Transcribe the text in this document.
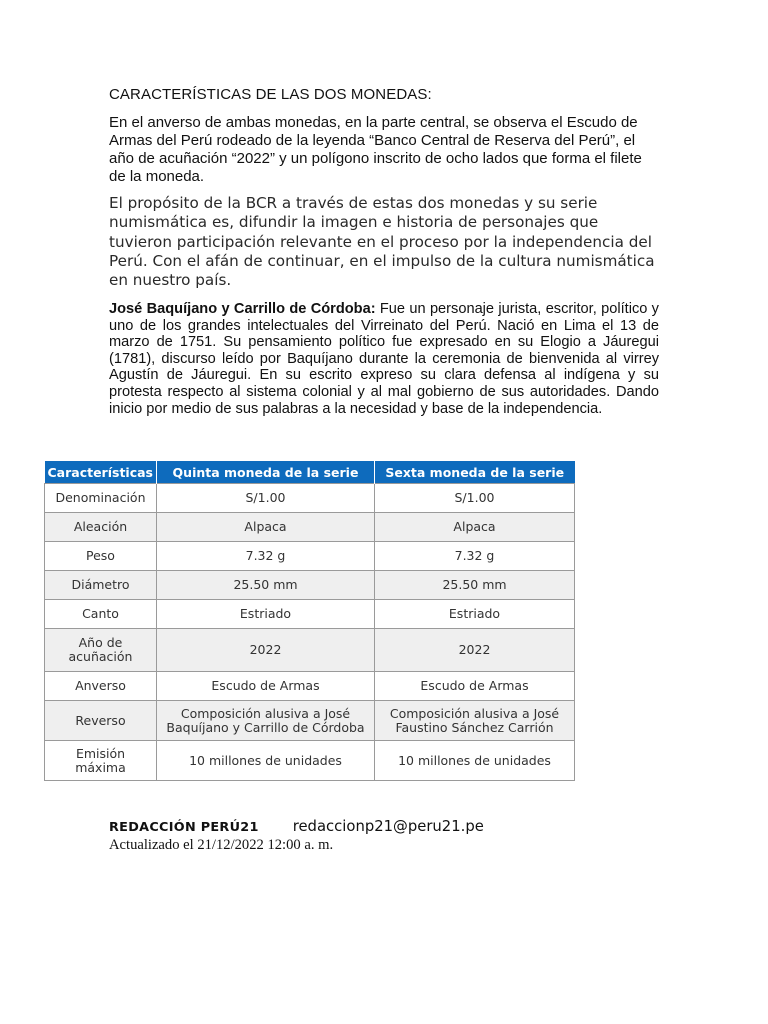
CARACTERÍSTICAS DE LAS DOS MONEDAS:
En el anverso de ambas monedas, en la parte central, se observa el Escudo de Armas del Perú rodeado de la leyenda “Banco Central de Reserva del Perú”, el año de acuñación “2022” y un polígono inscrito de ocho lados que forma el filete de la moneda.
El propósito de la BCR a través de estas dos monedas y su serie numismática es, difundir la imagen e historia de personajes que tuvieron participación relevante en el proceso por la independencia del Perú. Con el afán de continuar, en el impulso de la cultura numismática en nuestro país.
José Baquíjano y Carrillo de Córdoba: Fue un personaje jurista, escritor, político y uno de los grandes intelectuales del Virreinato del Perú. Nació en Lima el 13 de marzo de 1751. Su pensamiento político fue expresado en su Elogio a Jáuregui (1781), discurso leído por Baquíjano durante la ceremonia de bienvenida al virrey Agustín de Jáuregui. En su escrito expreso su clara defensa al indígena y su protesta respecto al sistema colonial y al mal gobierno de sus autoridades. Dando inicio por medio de sus palabras a la necesidad y base de la independencia.
REDACCIÓN PERÚ21 redaccionp21@peru21.pe
Actualizado el 21/12/2022 12:00 a. m.
Características	Quinta moneda de la serie	Sexta moneda de la serie
Denominación	S/1.00	S/1.00
Aleación	Alpaca	Alpaca
Peso	7.32 g	7.32 g
Diámetro	25.50 mm	25.50 mm
Canto	Estriado	Estriado
Año de acuñación	2022	2022
Anverso	Escudo de Armas	Escudo de Armas
Reverso	Composición alusiva a José Baquíjano y Carrillo de Córdoba	Composición alusiva a José Faustino Sánchez Carrión
Emisión máxima	10 millones de unidades	10 millones de unidades
